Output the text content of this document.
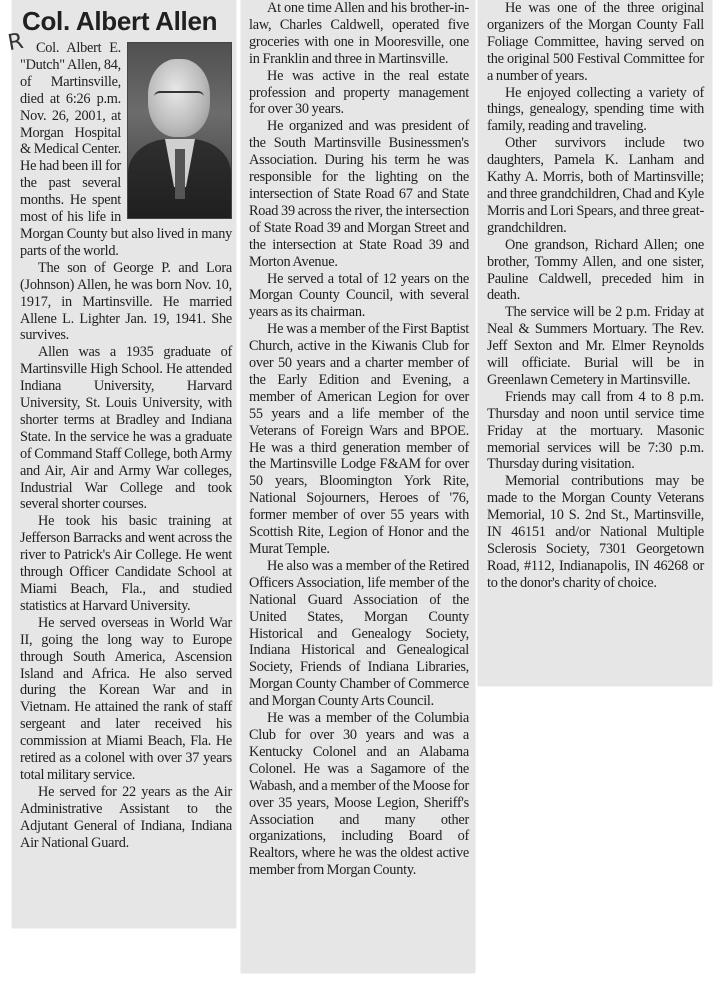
Col. Albert Allen

Col. Albert E. "Dutch" Allen, 84, of Martinsville, died at 6:26 p.m. Nov. 26, 2001, at Morgan Hospital & Medical Center. He had been ill for the past several months. He spent most of his life in Morgan County but also lived in many parts of the world.

The son of George P. and Lora (Johnson) Allen, he was born Nov. 10, 1917, in Martinsville. He married Allene L. Lighter Jan. 19, 1941. She survives.

Allen was a 1935 graduate of Martinsville High School. He attended Indiana University, Harvard University, St. Louis University, with shorter terms at Bradley and Indiana State. In the service he was a graduate of Command Staff College, both Army and Air, Air and Army War colleges, Industrial War College and took several shorter courses.

He took his basic training at Jefferson Barracks and went across the river to Patrick's Air College. He went through Officer Candidate School at Miami Beach, Fla., and studied statistics at Harvard University.

He served overseas in World War II, going the long way to Europe through South America, Ascension Island and Africa. He also served during the Korean War and in Vietnam. He attained the rank of staff sergeant and later received his commission at Miami Beach, Fla. He retired as a colonel with over 37 years total military service.

He served for 22 years as the Air Administrative Assistant to the Adjutant General of Indiana, Indiana Air National Guard.

R

At one time Allen and his brother-in-law, Charles Caldwell, operated five groceries with one in Mooresville, one in Franklin and three in Martinsville.

He was active in the real estate profession and property management for over 30 years.

He organized and was president of the South Martinsville Businessmen's Association. During his term he was responsible for the lighting on the intersection of State Road 67 and State Road 39 across the river, the intersection of State Road 39 and Morgan Street and the intersection at State Road 39 and Morton Avenue.

He served a total of 12 years on the Morgan County Council, with several years as its chairman.

He was a member of the First Baptist Church, active in the Kiwanis Club for over 50 years and a charter member of the Early Edition and Evening, a member of American Legion for over 55 years and a life member of the Veterans of Foreign Wars and BPOE. He was a third generation member of the Martinsville Lodge F&AM for over 50 years, Bloomington York Rite, National Sojourners, Heroes of '76, former member of over 55 years with Scottish Rite, Legion of Honor and the Murat Temple.

He also was a member of the Retired Officers Association, life member of the National Guard Association of the United States, Morgan County Historical and Genealogy Society, Indiana Historical and Genealogical Society, Friends of Indiana Libraries, Morgan County Chamber of Commerce and Morgan County Arts Council.

He was a member of the Columbia Club for over 30 years and was a Kentucky Colonel and an Alabama Colonel. He was a Sagamore of the Wabash, and a member of the Moose for over 35 years, Moose Legion, Sheriff's Association and many other organizations, including Board of Realtors, where he was the oldest active member from Morgan County.

He was one of the three original organizers of the Morgan County Fall Foliage Committee, having served on the original 500 Festival Committee for a number of years.

He enjoyed collecting a variety of things, genealogy, spending time with family, reading and traveling.

Other survivors include two daughters, Pamela K. Lanham and Kathy A. Morris, both of Martinsville; and three grandchildren, Chad and Kyle Morris and Lori Spears, and three great-grandchildren.

One grandson, Richard Allen; one brother, Tommy Allen, and one sister, Pauline Caldwell, preceded him in death.

The service will be 2 p.m. Friday at Neal & Summers Mortuary. The Rev. Jeff Sexton and Mr. Elmer Reynolds will officiate. Burial will be in Greenlawn Cemetery in Martinsville.

Friends may call from 4 to 8 p.m. Thursday and noon until service time Friday at the mortuary. Masonic memorial services will be 7:30 p.m. Thursday during visitation.

Memorial contributions may be made to the Morgan County Veterans Memorial, 10 S. 2nd St., Martinsville, IN 46151 and/or National Multiple Sclerosis Society, 7301 Georgetown Road, #112, Indianapolis, IN 46268 or to the donor's charity of choice.
